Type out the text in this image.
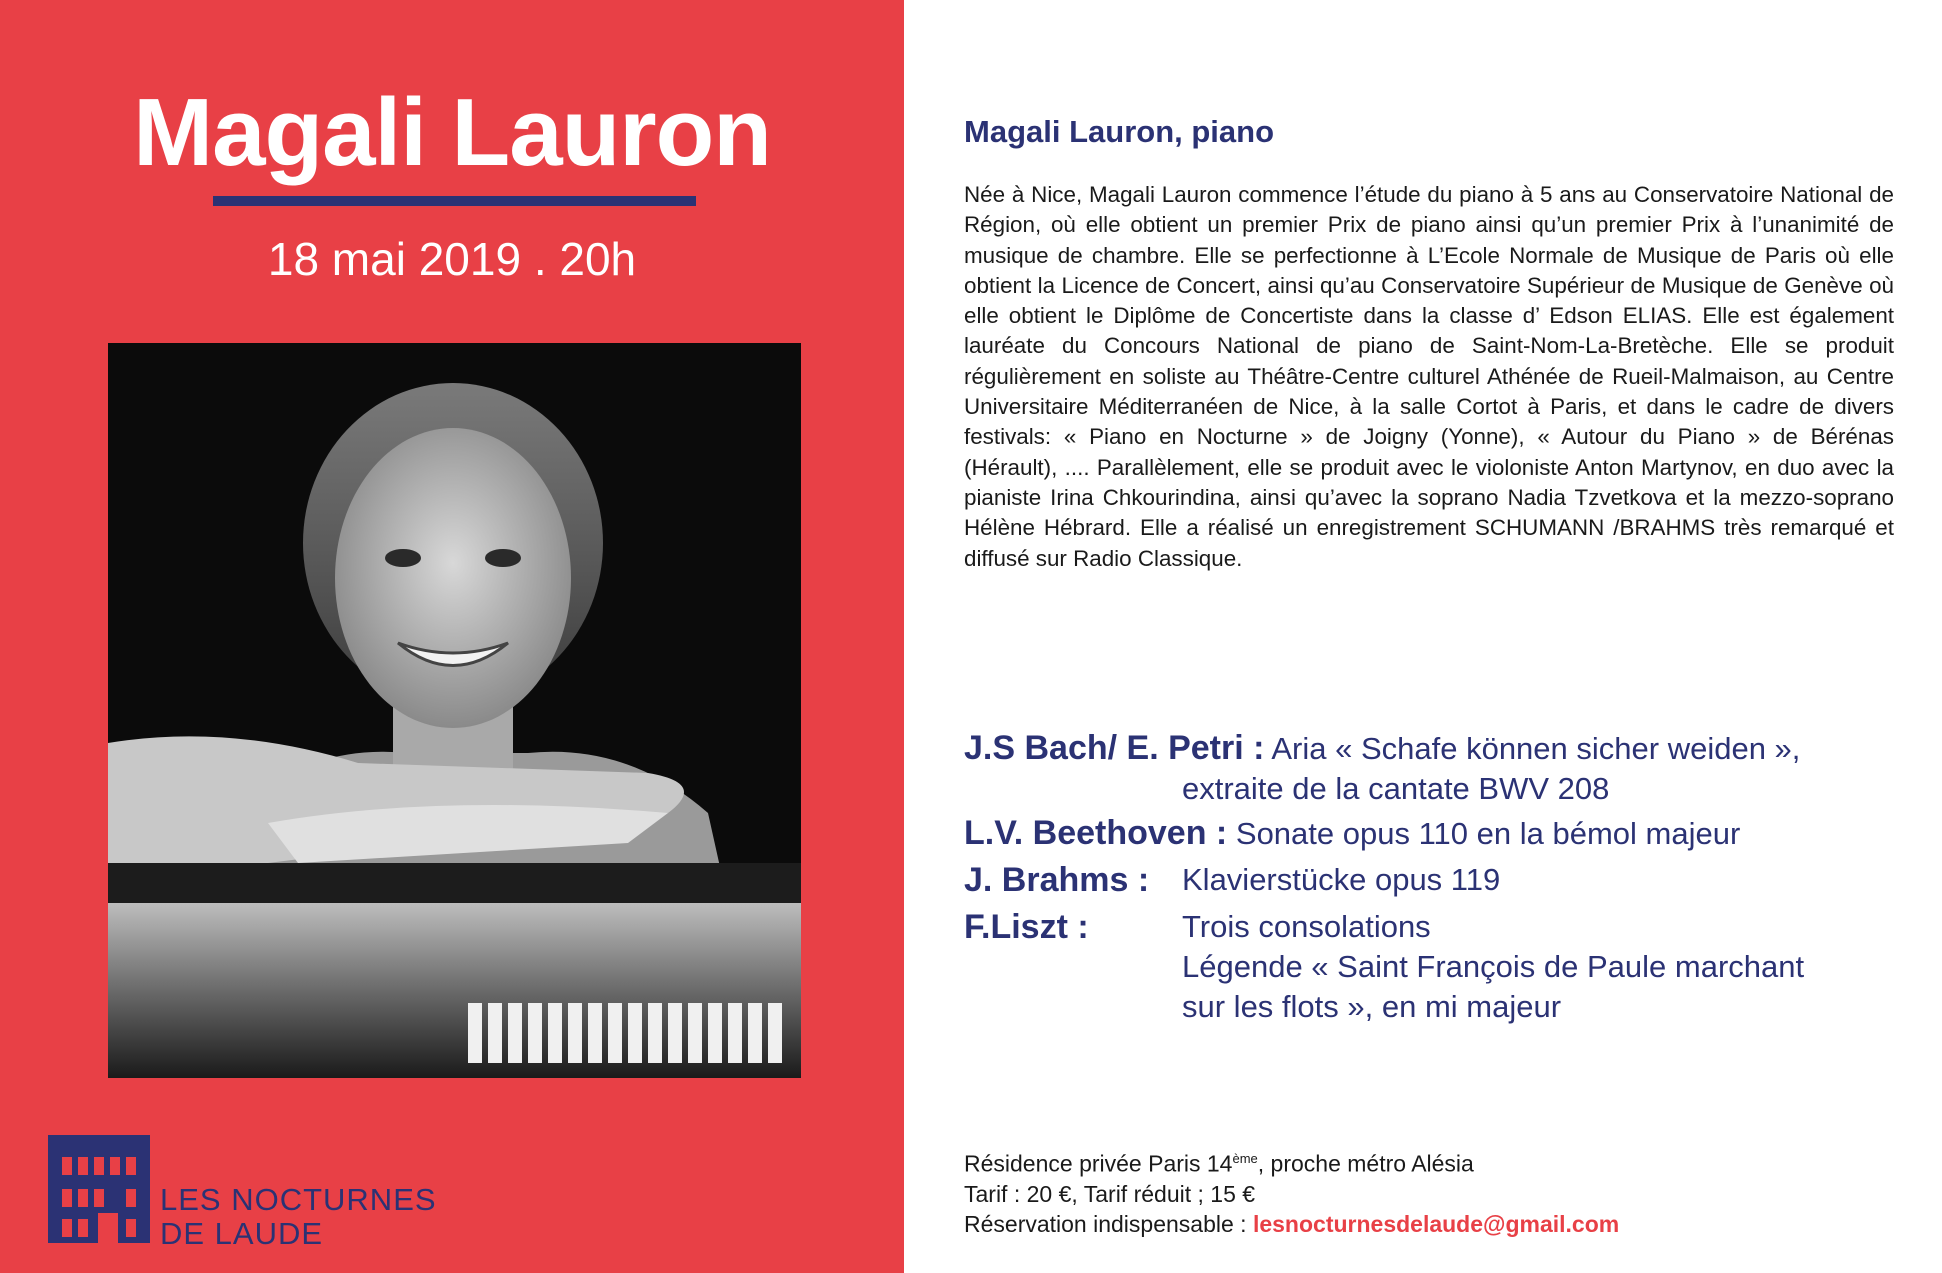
Magali Lauron
18 mai 2019 . 20h
LES NOCTURNES
DE LAUDE
Magali Lauron, piano
Née à Nice, Magali Lauron commence l’étude du piano à 5 ans au Conservatoire National de Région, où elle obtient un premier Prix de piano ainsi qu’un premier Prix à l’unanimité de musique de chambre. Elle se perfectionne à L’Ecole Normale de Musique de Paris où elle obtient la Licence de Concert, ainsi qu’au Conservatoire Supérieur de Musique de Genève où elle obtient le Diplôme de Concertiste dans la classe d’ Edson ELIAS. Elle est également lauréate du Concours National de piano de Saint-Nom-La-Bretèche. Elle se produit régulièrement en soliste au Théâtre-Centre culturel Athénée de Rueil-Malmaison, au Centre Universitaire Méditerranéen de Nice, à la salle Cortot à Paris, et dans le cadre de divers festivals: « Piano en Nocturne » de Joigny (Yonne), « Autour du Piano » de Bérénas (Hérault), .... Parallèlement, elle se produit avec le violoniste Anton Martynov, en duo avec la pianiste Irina Chkourindina, ainsi qu’avec la soprano Nadia Tzvetkova et la mezzo-soprano Hélène Hébrard. Elle a réalisé un enregistrement SCHUMANN /BRAHMS très remarqué et diffusé sur Radio Classique.
J.S Bach/ E. Petri : Aria « Schafe können sicher weiden »,
extraite de la cantate BWV 208
L.V. Beethoven : Sonate opus 110 en la bémol majeur
J. Brahms : Klavierstücke opus 119
F.Liszt :	Trois consolations
Légende « Saint François de Paule marchant
sur les flots », en mi majeur
Résidence privée Paris 14ème, proche métro Alésia
Tarif : 20 €, Tarif réduit ; 15 €
Réservation indispensable : lesnocturnesdelaude@gmail.com
